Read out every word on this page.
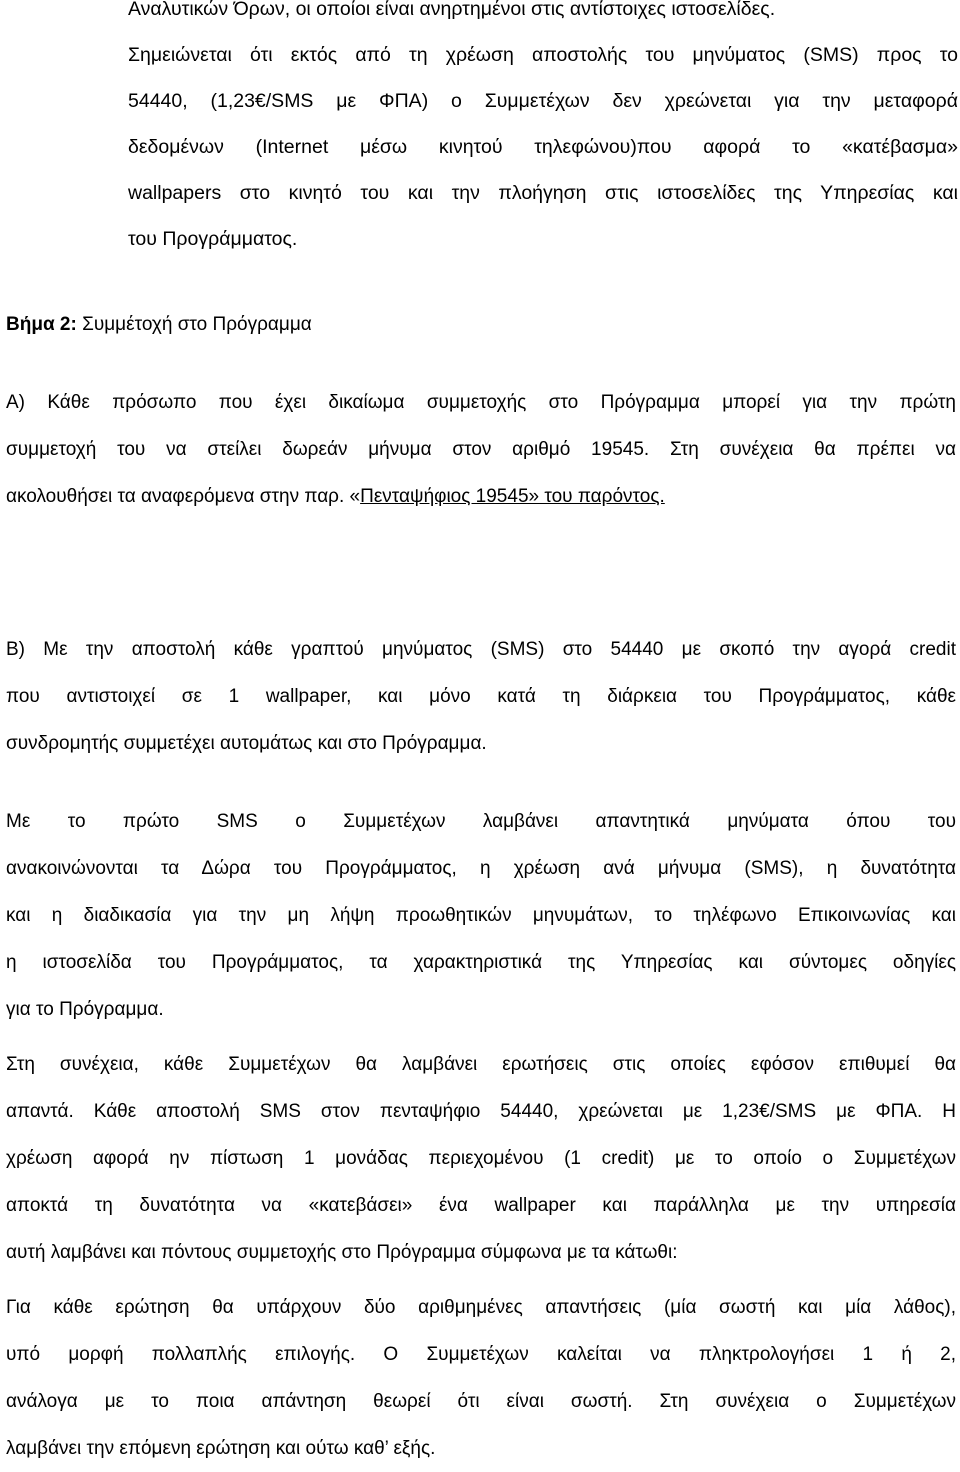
Αναλυτικών Όρων, οι οποίοι είναι ανηρτημένοι στις αντίστοιχες ιστοσελίδες.
Σημειώνεται ότι εκτός από τη χρέωση αποστολής του μηνύματος (SMS) προς το
54440, (1,23€/SMS με ΦΠΑ) ο Συμμετέχων δεν χρεώνεται για την μεταφορά
δεδομένων (Internet μέσω κινητού τηλεφώνου)που αφορά το «κατέβασμα»
wallpapers στο κινητό του και την πλοήγηση στις ιστοσελίδες της Υπηρεσίας και
του Προγράμματος.
Βήμα 2: Συμμέτοχή στο Πρόγραμμα
Α) Κάθε πρόσωπο που έχει δικαίωμα συμμετοχής στο Πρόγραμμα μπορεί για την πρώτη
συμμετοχή του να στείλει δωρεάν μήνυμα στον αριθμό 19545. Στη συνέχεια θα πρέπει να
ακολουθήσει τα αναφερόμενα στην παρ. «Πενταψήφιος 19545» του παρόντος.
Β) Με την αποστολή κάθε γραπτού μηνύματος (SMS) στο 54440 με σκοπό την αγορά credit
που αντιστοιχεί σε 1 wallpaper, και μόνο κατά τη διάρκεια του Προγράμματος, κάθε
συνδρομητής συμμετέχει αυτομάτως και στο Πρόγραμμα.
Με το πρώτο SMS ο Συμμετέχων λαμβάνει απαντητικά μηνύματα όπου του
ανακοινώνονται τα Δώρα του Προγράμματος, η χρέωση ανά μήνυμα (SMS), η δυνατότητα
και η διαδικασία για την μη λήψη προωθητικών μηνυμάτων, το τηλέφωνο Επικοινωνίας και
η ιστοσελίδα του Προγράμματος, τα χαρακτηριστικά της Υπηρεσίας και σύντομες οδηγίες
για το Πρόγραμμα.
Στη συνέχεια, κάθε Συμμετέχων θα λαμβάνει ερωτήσεις στις οποίες εφόσον επιθυμεί θα
απαντά. Κάθε αποστολή SMS στον πενταψήφιο 54440, χρεώνεται με 1,23€/SMS με ΦΠΑ. Η
χρέωση αφορά ην πίστωση 1 μονάδας περιεχομένου (1 credit) με το οποίο ο Συμμετέχων
αποκτά τη δυνατότητα να «κατεβάσει» ένα wallpaper και παράλληλα με την υπηρεσία
αυτή λαμβάνει και πόντους συμμετοχής στο Πρόγραμμα σύμφωνα με τα κάτωθι:
Για κάθε ερώτηση θα υπάρχουν δύο αριθμημένες απαντήσεις (μία σωστή και μία λάθος),
υπό μορφή πολλαπλής επιλογής. Ο Συμμετέχων καλείται να πληκτρολογήσει 1 ή 2,
ανάλογα με το ποια απάντηση θεωρεί ότι είναι σωστή. Στη συνέχεια ο Συμμετέχων
λαμβάνει την επόμενη ερώτηση και ούτω καθ’ εξής.
